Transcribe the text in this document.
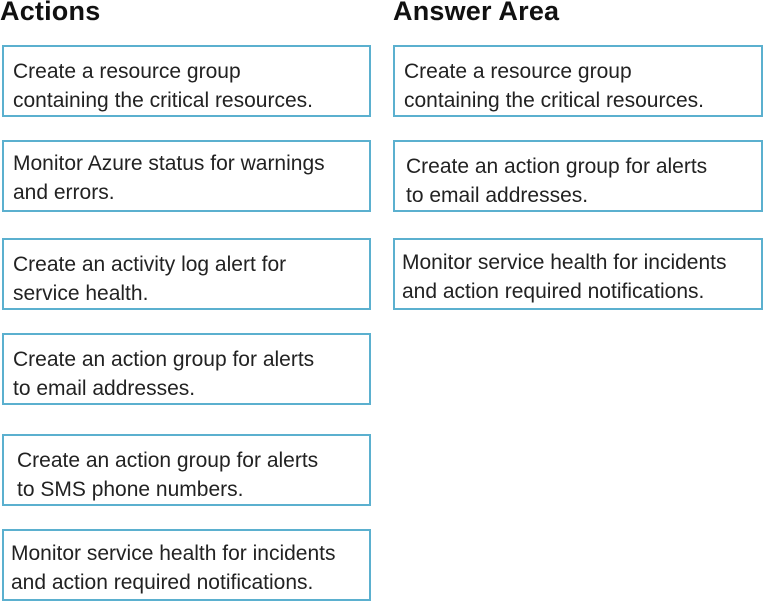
Actions	Answer Area
Create a resource group
containing the critical resources.
Monitor Azure status for warnings
and errors.
Create an activity log alert for
service health.
Create an action group for alerts
to email addresses.
Create an action group for alerts
to SMS phone numbers.
Monitor service health for incidents
and action required notifications.
Create a resource group
containing the critical resources.
Create an action group for alerts
to email addresses.
Monitor service health for incidents
and action required notifications.
